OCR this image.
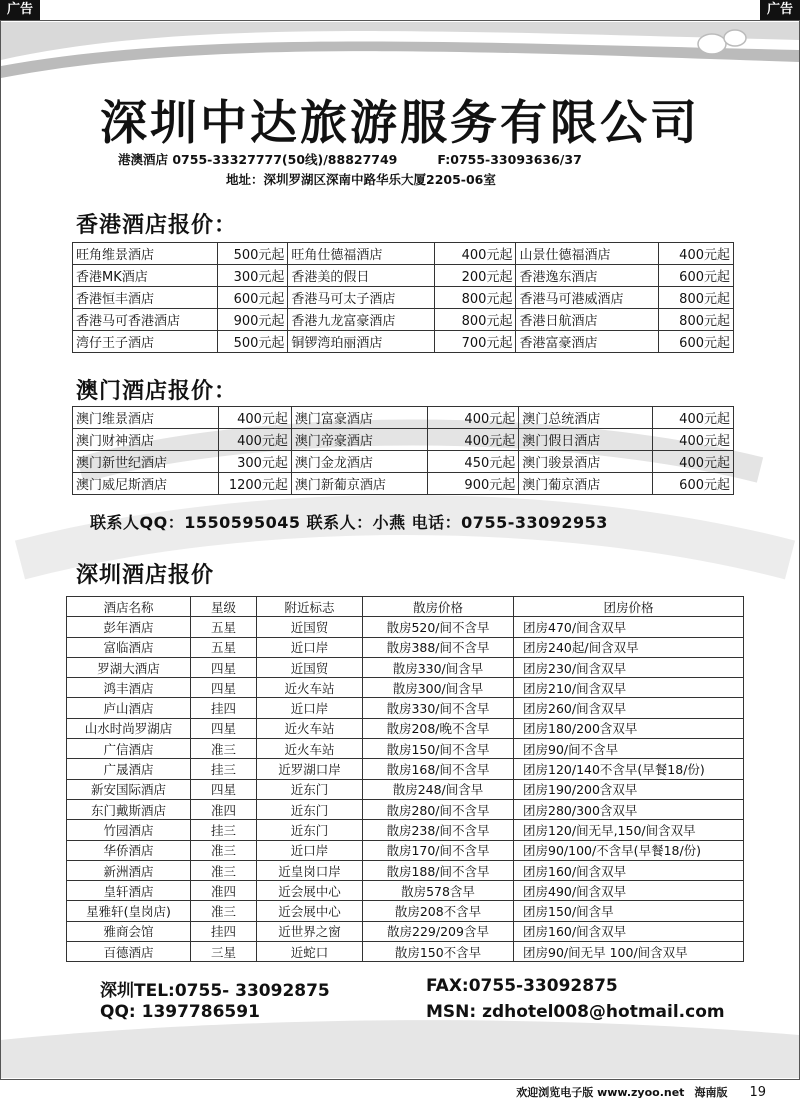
广告	广告
深圳中达旅游服务有限公司
港澳酒店 0755-33327777(50线)/88827749	F:0755-33093636/37
地址：深圳罗湖区深南中路华乐大厦2205-06室
香港酒店报价：
旺角维景酒店	500元起	旺角仕德福酒店	400元起	山景仕德福酒店	400元起
香港MK酒店	300元起	香港美的假日	200元起	香港逸东酒店	600元起
香港恒丰酒店	600元起	香港马可太子酒店	800元起	香港马可港威酒店	800元起
香港马可香港酒店	900元起	香港九龙富豪酒店	800元起	香港日航酒店	800元起
湾仔王子酒店	500元起	铜锣湾珀丽酒店	700元起	香港富豪酒店	600元起
澳门酒店报价：
澳门维景酒店	400元起	澳门富豪酒店	400元起	澳门总统酒店	400元起
澳门财神酒店	400元起	澳门帝豪酒店	400元起	澳门假日酒店	400元起
澳门新世纪酒店	300元起	澳门金龙酒店	450元起	澳门骏景酒店	400元起
澳门威尼斯酒店	1200元起	澳门新葡京酒店	900元起	澳门葡京酒店	600元起
联系人QQ：1550595045 联系人：小燕 电话：0755-33092953
深圳酒店报价
酒店名称	星级	附近标志	散房价格	团房价格
彭年酒店	五星	近国贸	散房520/间不含早	团房470/间含双早
富临酒店	五星	近口岸	散房388/间不含早	团房240起/间含双早
罗湖大酒店	四星	近国贸	散房330/间含早	团房230/间含双早
鸿丰酒店	四星	近火车站	散房300/间含早	团房210/间含双早
庐山酒店	挂四	近口岸	散房330/间不含早	团房260/间含双早
山水时尚罗湖店	四星	近火车站	散房208/晚不含早	团房180/200含双早
广信酒店	准三	近火车站	散房150/间不含早	团房90/间不含早
广晟酒店	挂三	近罗湖口岸	散房168/间不含早	团房120/140不含早(早餐18/份)
新安国际酒店	四星	近东门	散房248/间含早	团房190/200含双早
东门戴斯酒店	准四	近东门	散房280/间不含早	团房280/300含双早
竹园酒店	挂三	近东门	散房238/间不含早	团房120/间无早,150/间含双早
华侨酒店	准三	近口岸	散房170/间不含早	团房90/100/不含早(早餐18/份)
新洲酒店	准三	近皇岗口岸	散房188/间不含早	团房160/间含双早
皇轩酒店	准四	近会展中心	散房578含早	团房490/间含双早
星雅轩(皇岗店)	准三	近会展中心	散房208不含早	团房150/间含早
雅商会馆	挂四	近世界之窗	散房229/209含早	团房160/间含双早
百德酒店	三星	近蛇口	散房150不含早	团房90/间无早 100/间含双早
深圳TEL:0755- 33092875	FAX:0755-33092875
QQ: 1397786591	MSN: zdhotel008@hotmail.com
欢迎浏览电子版 www.zyoo.net 海南版 19
